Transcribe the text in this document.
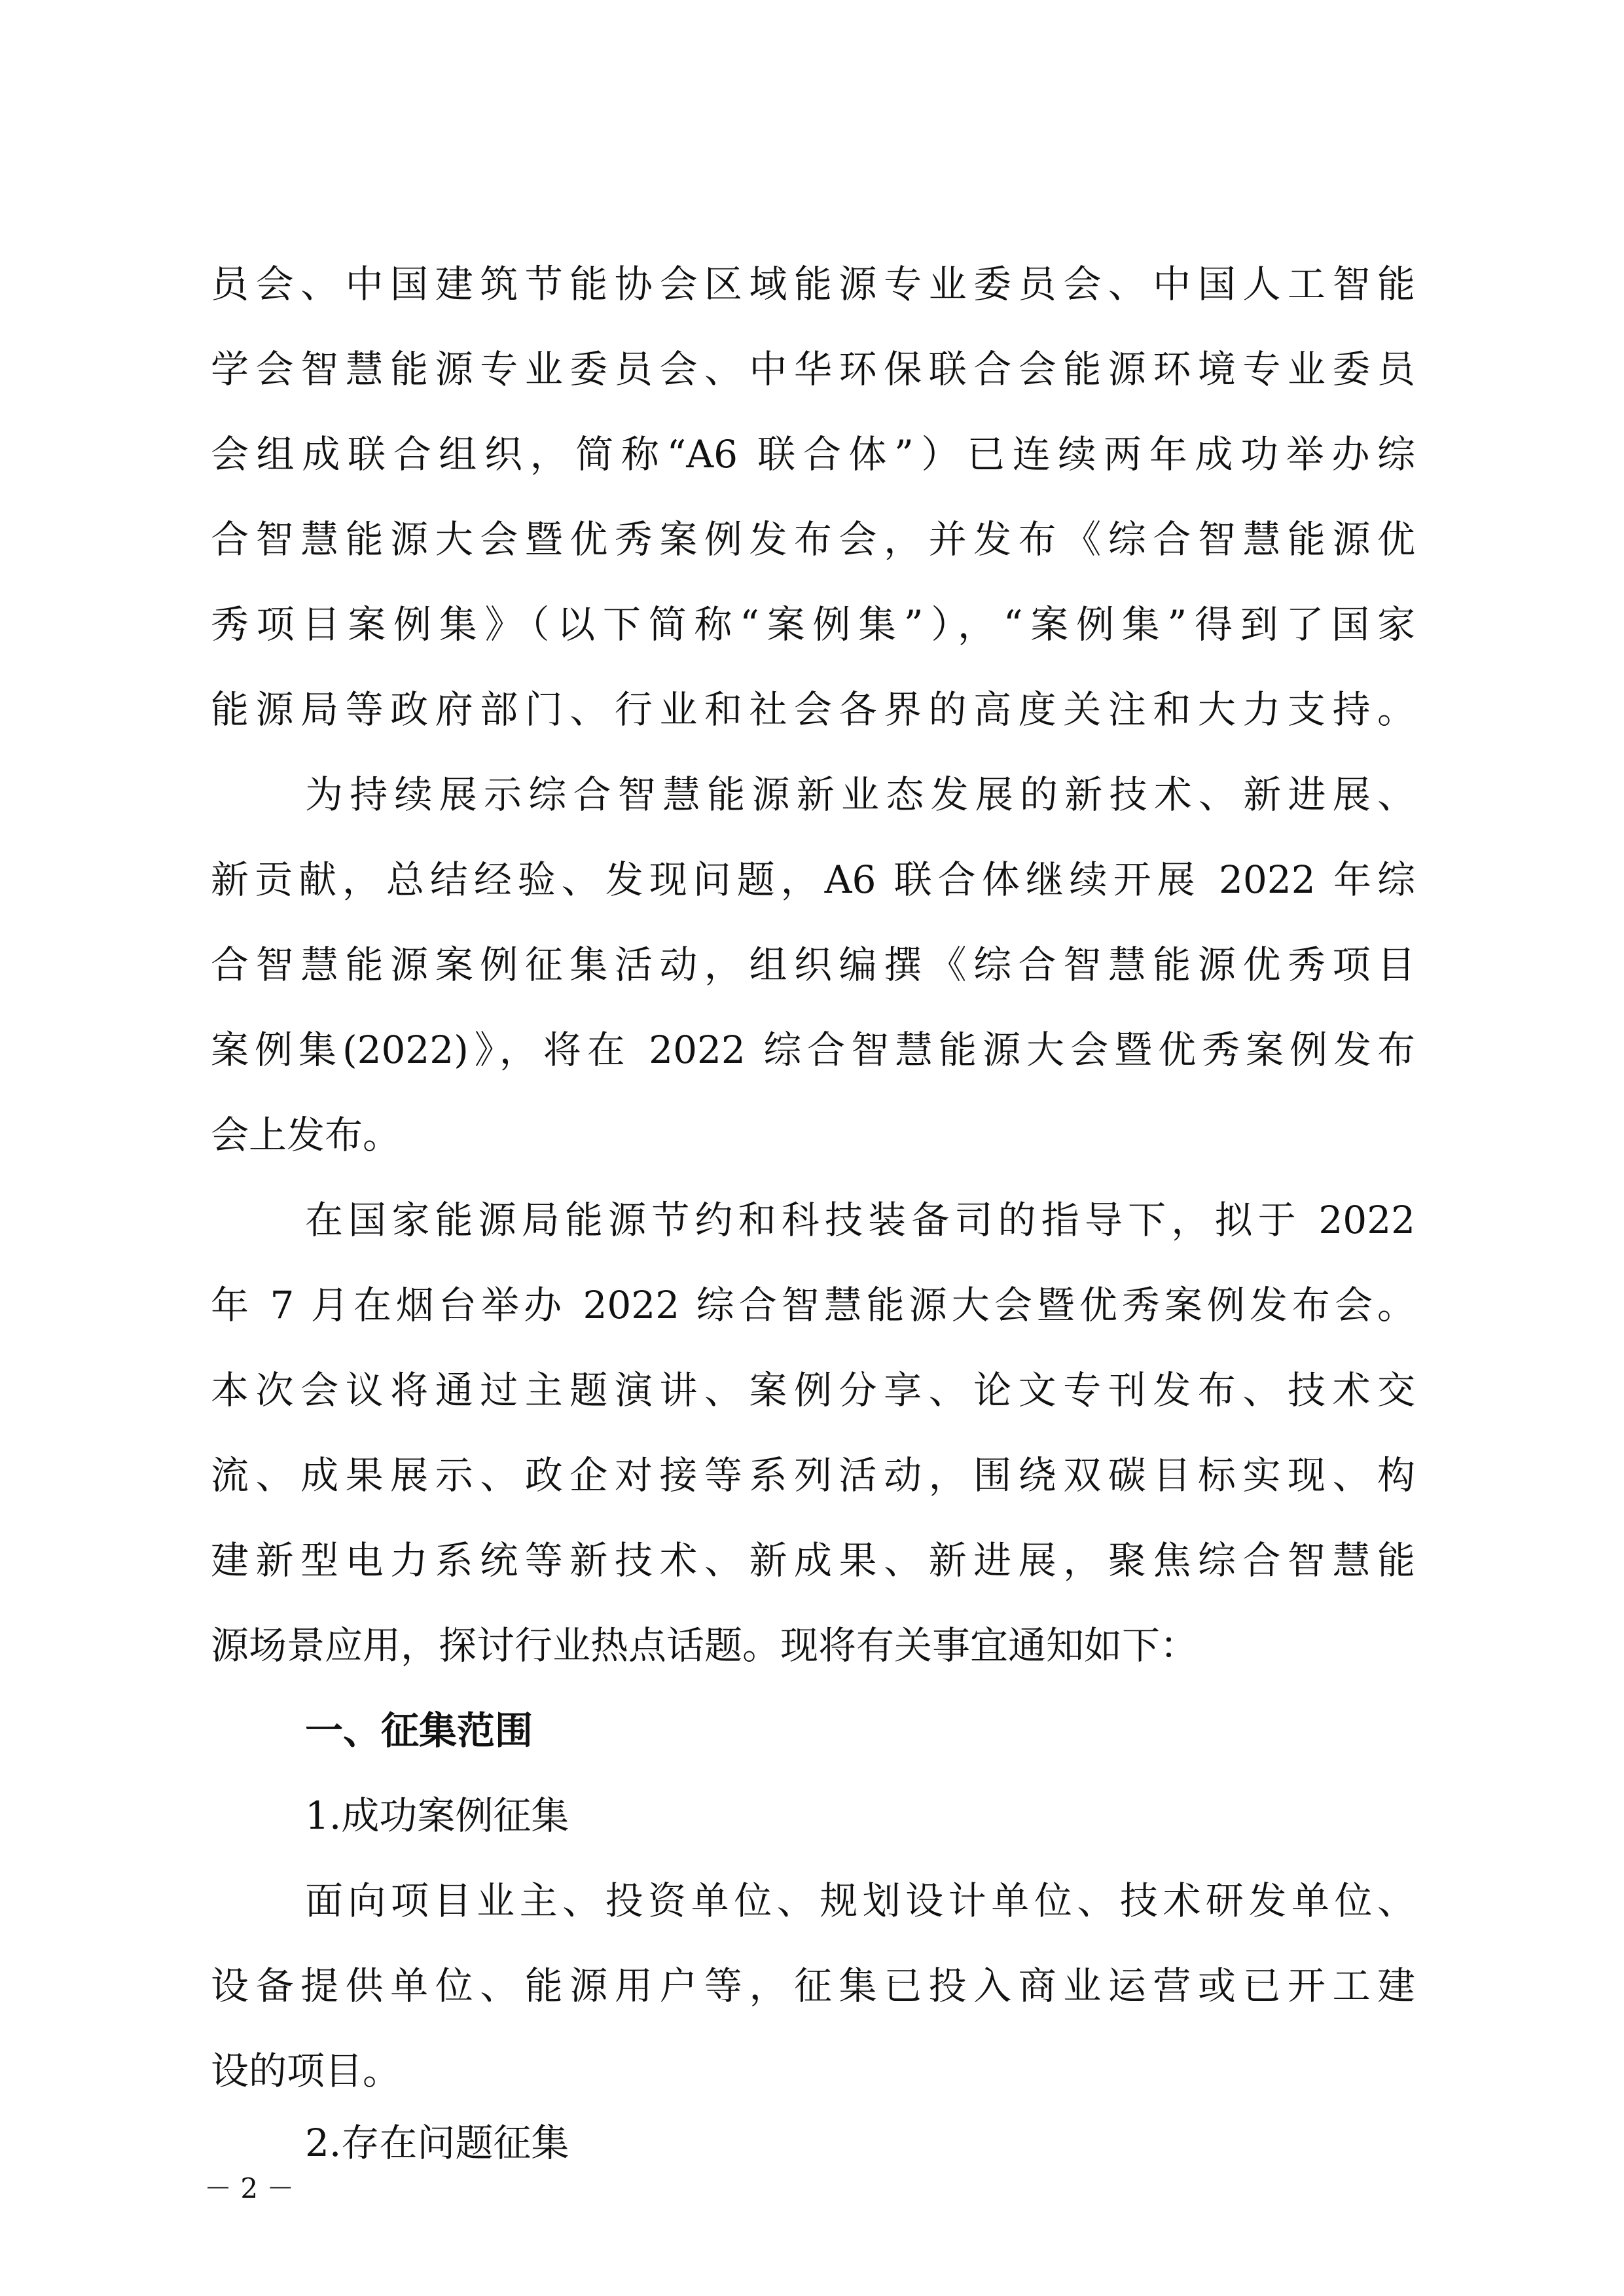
员会、中国建筑节能协会区域能源专业委员会、中国人工智能
学会智慧能源专业委员会、中华环保联合会能源环境专业委员
会组成联合组织，简称“A6 联合体”）已连续两年成功举办综
合智慧能源大会暨优秀案例发布会，并发布《综合智慧能源优
秀项目案例集》（以下简称“案例集”），“案例集”得到了国家
能源局等政府部门、行业和社会各界的高度关注和大力支持。
为持续展示综合智慧能源新业态发展的新技术、新进展、
新贡献，总结经验、发现问题，A6 联合体继续开展 2022 年综
合智慧能源案例征集活动，组织编撰《综合智慧能源优秀项目
案例集(2022)》，将在 2022 综合智慧能源大会暨优秀案例发布
会上发布。
在国家能源局能源节约和科技装备司的指导下，拟于 2022
年 7 月在烟台举办 2022 综合智慧能源大会暨优秀案例发布会。
本次会议将通过主题演讲、案例分享、论文专刊发布、技术交
流、成果展示、政企对接等系列活动，围绕双碳目标实现、构
建新型电力系统等新技术、新成果、新进展，聚焦综合智慧能
源场景应用，探讨行业热点话题。现将有关事宜通知如下：
一、征集范围
1.成功案例征集
面向项目业主、投资单位、规划设计单位、技术研发单位、
设备提供单位、能源用户等，征集已投入商业运营或已开工建
设的项目。
2.存在问题征集
－ 2 －
